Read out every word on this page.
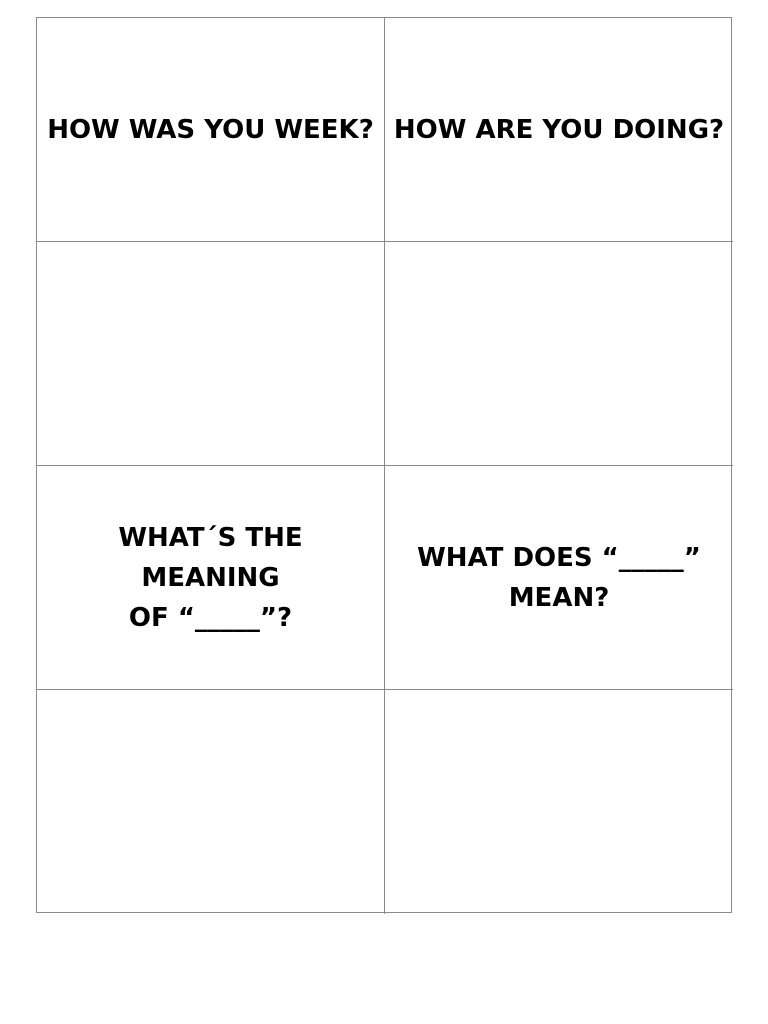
HOW WAS YOU WEEK? HOW ARE YOU DOING?
WHAT´S THE MEANING
OF “_____”?
WHAT DOES “_____”
MEAN?
